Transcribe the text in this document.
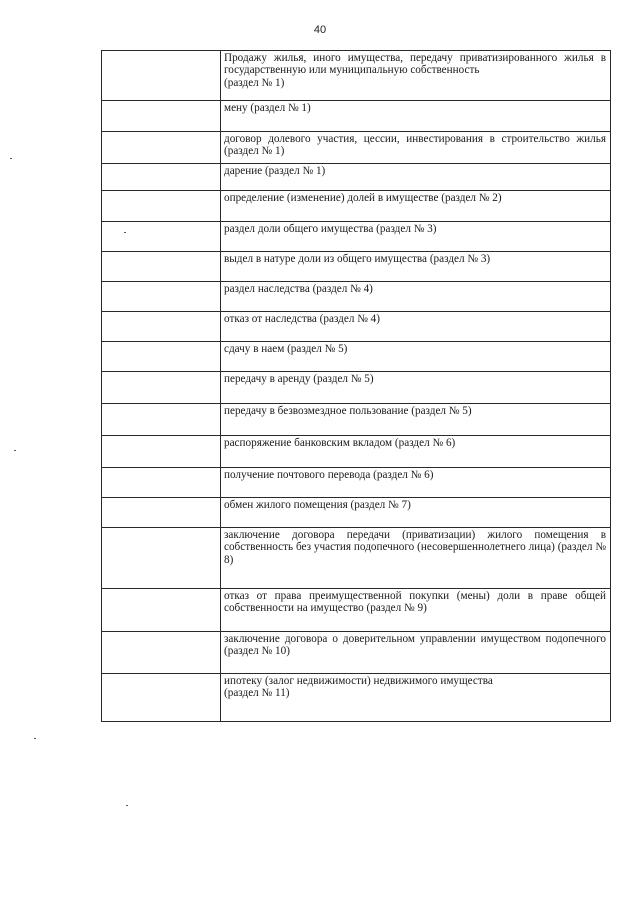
40

	Продажу жилья, иного имущества, передачу приватизированного жилья в государственную или муниципальную собственность
(раздел № 1)

	мену (раздел № 1)

	договор долевого участия, цессии, инвестирования в строительство жилья (раздел № 1)

	дарение (раздел № 1)

	определение (изменение) долей в имуществе (раздел № 2)

	раздел доли общего имущества (раздел № 3)

	выдел в натуре доли из общего имущества (раздел № 3)

	раздел наследства (раздел № 4)

	отказ от наследства (раздел № 4)

	сдачу в наем (раздел № 5)

	передачу в аренду (раздел № 5)

	передачу в безвозмездное пользование (раздел № 5)

	распоряжение банковским вкладом (раздел № 6)

	получение почтового перевода (раздел № 6)

	обмен жилого помещения (раздел № 7)

	заключение договора передачи (приватизации) жилого помещения в собственность без участия подопечного (несовершеннолетнего лица) (раздел № 8)

	отказ от права преимущественной покупки (мены) доли в праве общей собственности на имущество (раздел № 9)

	заключение договора о доверительном управлении имуществом подопечного (раздел № 10)

	ипотеку (залог недвижимости) недвижимого имущества
(раздел № 11)
